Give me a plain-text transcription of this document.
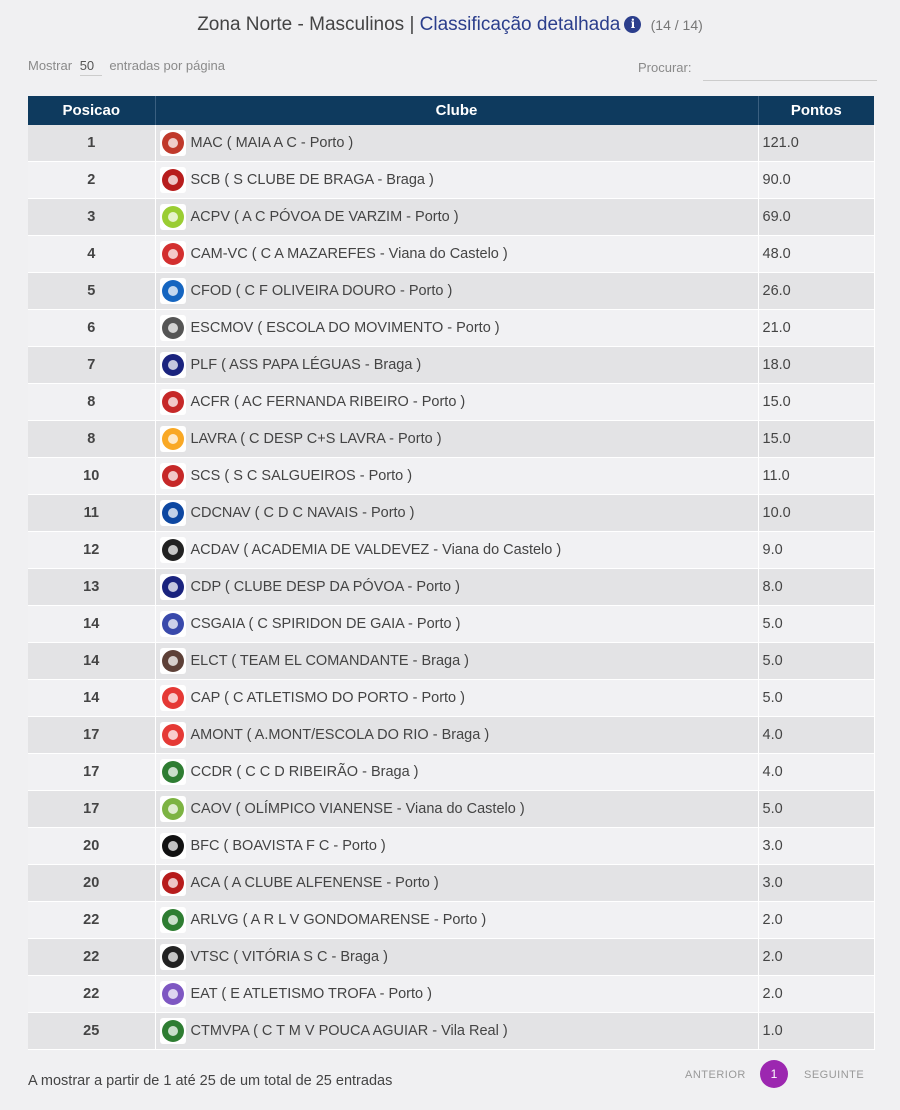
Zona Norte - Masculinos | Classificação detalhada i (14 / 14)
Mostrar 50 entradas por página	Procurar:
Posicao	Clube	Pontos
1	MAC ( MAIA A C - Porto )	121.0
2	SCB ( S CLUBE DE BRAGA - Braga )	90.0
3	ACPV ( A C PÓVOA DE VARZIM - Porto )	69.0
4	CAM-VC ( C A MAZAREFES - Viana do Castelo )	48.0
5	CFOD ( C F OLIVEIRA DOURO - Porto )	26.0
6	ESCMOV ( ESCOLA DO MOVIMENTO - Porto )	21.0
7	PLF ( ASS PAPA LÉGUAS - Braga )	18.0
8	ACFR ( AC FERNANDA RIBEIRO - Porto )	15.0
8	LAVRA ( C DESP C+S LAVRA - Porto )	15.0
10	SCS ( S C SALGUEIROS - Porto )	11.0
11	CDCNAV ( C D C NAVAIS - Porto )	10.0
12	ACDAV ( ACADEMIA DE VALDEVEZ - Viana do Castelo )	9.0
13	CDP ( CLUBE DESP DA PÓVOA - Porto )	8.0
14	CSGAIA ( C SPIRIDON DE GAIA - Porto )	5.0
14	ELCT ( TEAM EL COMANDANTE - Braga )	5.0
14	CAP ( C ATLETISMO DO PORTO - Porto )	5.0
17	AMONT ( A.MONT/ESCOLA DO RIO - Braga )	4.0
17	CCDR ( C C D RIBEIRÃO - Braga )	4.0
17	CAOV ( OLÍMPICO VIANENSE - Viana do Castelo )	5.0
20	BFC ( BOAVISTA F C - Porto )	3.0
20	ACA ( A CLUBE ALFENENSE - Porto )	3.0
22	ARLVG ( A R L V GONDOMARENSE - Porto )	2.0
22	VTSC ( VITÓRIA S C - Braga )	2.0
22	EAT ( E ATLETISMO TROFA - Porto )	2.0
25	CTMVPA ( C T M V POUCA AGUIAR - Vila Real )	1.0
A mostrar a partir de 1 até 25 de um total de 25 entradas	ANTERIOR	1	SEGUINTE
